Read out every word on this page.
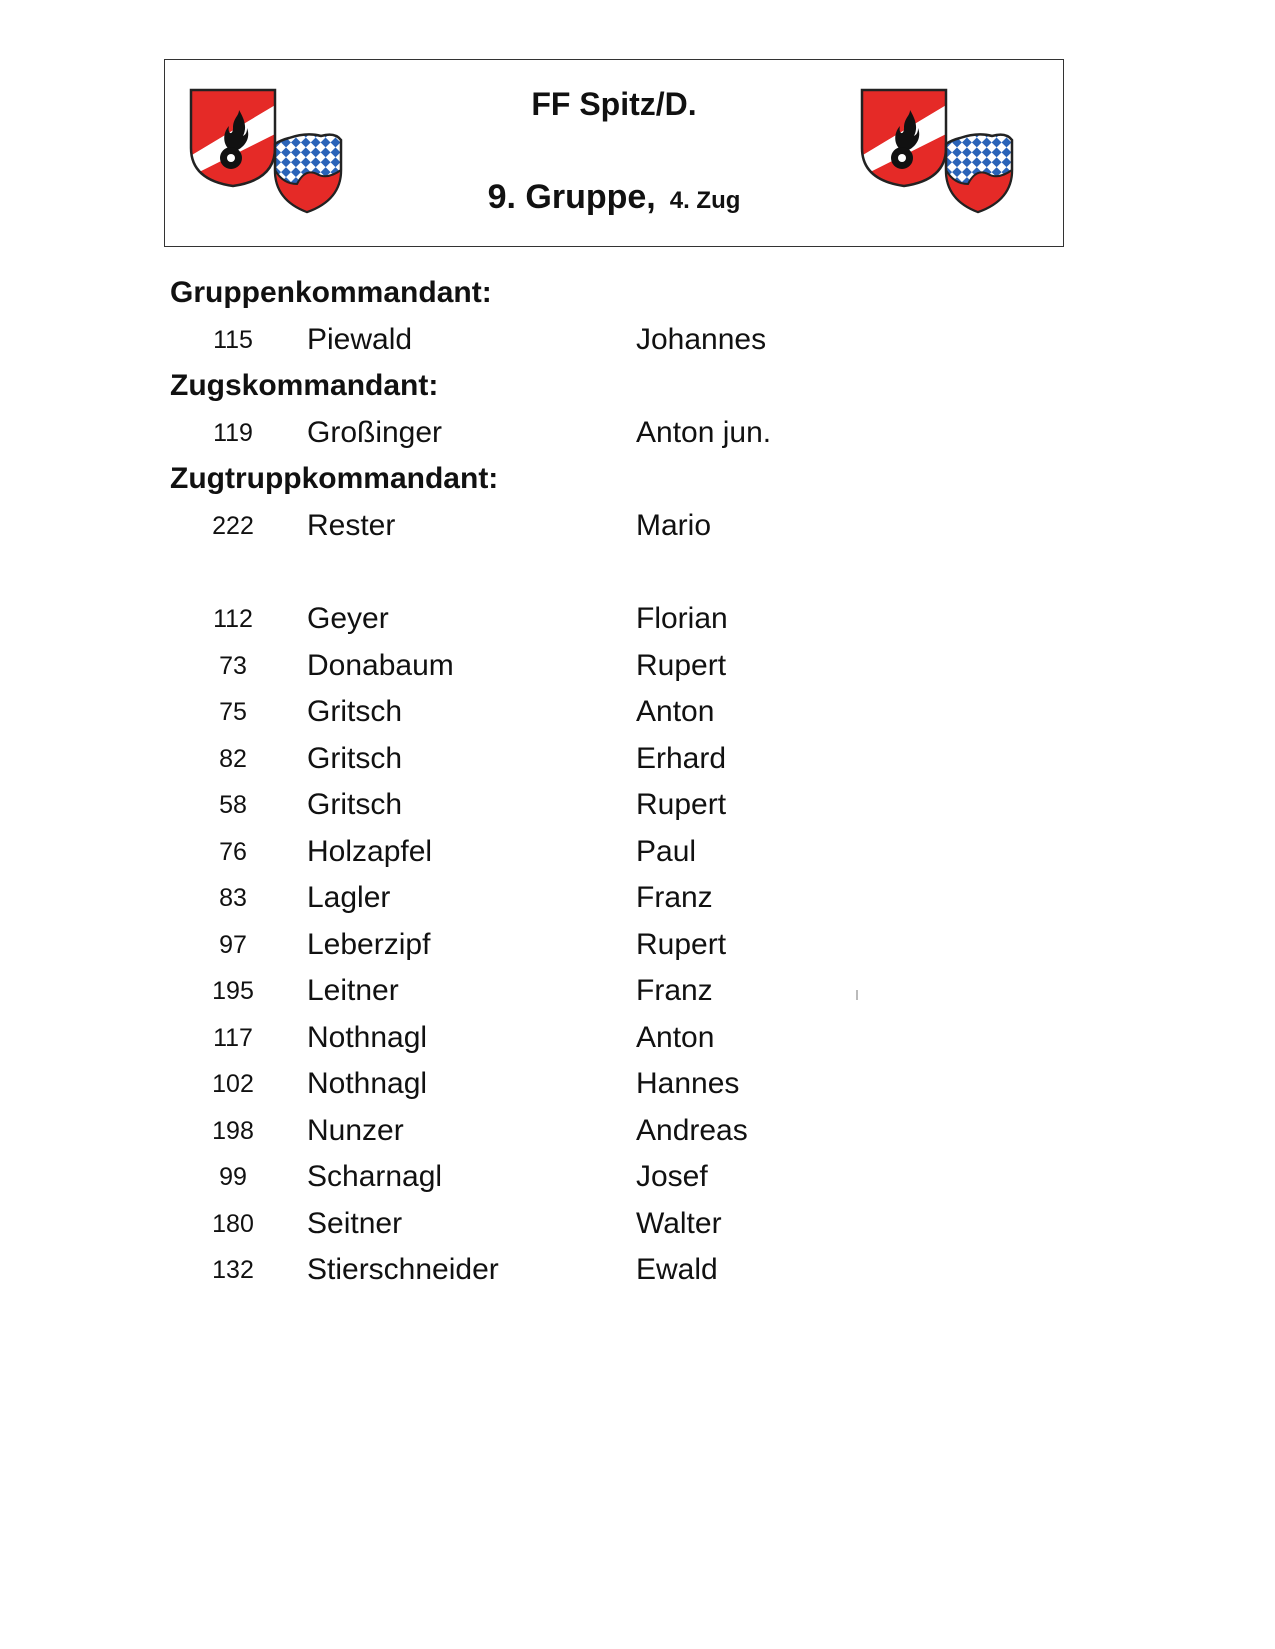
FF Spitz/D.
9. Gruppe, 4. Zug
Gruppenkommandant:
115	Piewald	Johannes
Zugskommandant:
119	Großinger	Anton jun.
Zugtruppkommandant:
222	Rester	Mario
112	Geyer	Florian
73	Donabaum	Rupert
75	Gritsch	Anton
82	Gritsch	Erhard
58	Gritsch	Rupert
76	Holzapfel	Paul
83	Lagler	Franz
97	Leberzipf	Rupert
195	Leitner	Franz
117	Nothnagl	Anton
102	Nothnagl	Hannes
198	Nunzer	Andreas
99	Scharnagl	Josef
180	Seitner	Walter
132	Stierschneider	Ewald
